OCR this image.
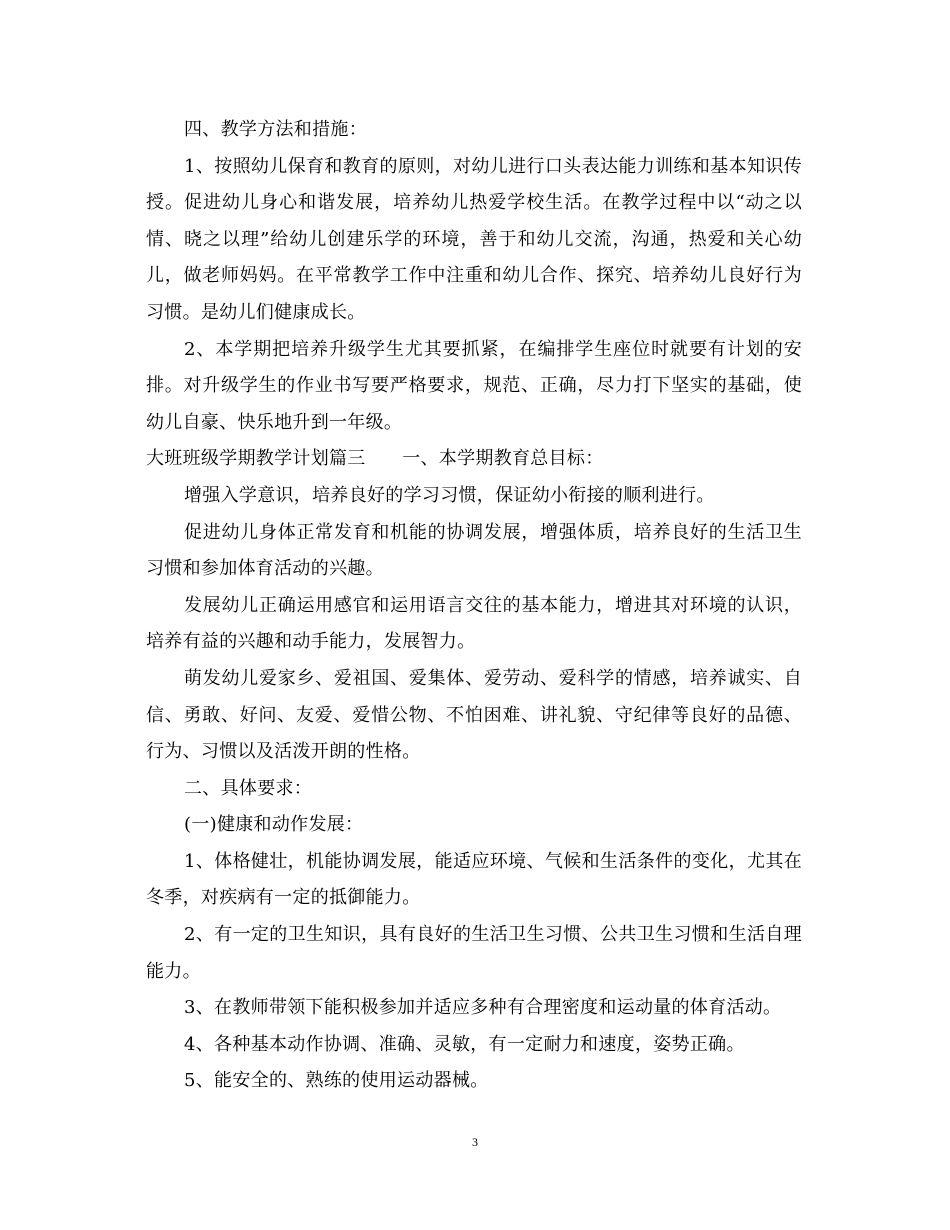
四、教学方法和措施：

1、按照幼儿保育和教育的原则，对幼儿进行口头表达能力训练和基本知识传授。促进幼儿身心和谐发展，培养幼儿热爱学校生活。在教学过程中以“动之以情、晓之以理”给幼儿创建乐学的环境，善于和幼儿交流，沟通，热爱和关心幼儿，做老师妈妈。在平常教学工作中注重和幼儿合作、探究、培养幼儿良好行为习惯。是幼儿们健康成长。

2、本学期把培养升级学生尤其要抓紧，在编排学生座位时就要有计划的安排。对升级学生的作业书写要严格要求，规范、正确，尽力打下坚实的基础，使幼儿自豪、快乐地升到一年级。

大班班级学期教学计划篇三　　一、本学期教育总目标：

增强入学意识，培养良好的学习习惯，保证幼小衔接的顺利进行。

促进幼儿身体正常发育和机能的协调发展，增强体质，培养良好的生活卫生习惯和参加体育活动的兴趣。

发展幼儿正确运用感官和运用语言交往的基本能力，增进其对环境的认识，培养有益的兴趣和动手能力，发展智力。

萌发幼儿爱家乡、爱祖国、爱集体、爱劳动、爱科学的情感，培养诚实、自信、勇敢、好问、友爱、爱惜公物、不怕困难、讲礼貌、守纪律等良好的品德、行为、习惯以及活泼开朗的性格。

二、具体要求：

(一)健康和动作发展：

1、体格健壮，机能协调发展，能适应环境、气候和生活条件的变化，尤其在冬季，对疾病有一定的抵御能力。

2、有一定的卫生知识，具有良好的生活卫生习惯、公共卫生习惯和生活自理能力。

3、在教师带领下能积极参加并适应多种有合理密度和运动量的体育活动。

4、各种基本动作协调、准确、灵敏，有一定耐力和速度，姿势正确。

5、能安全的、熟练的使用运动器械。

3
